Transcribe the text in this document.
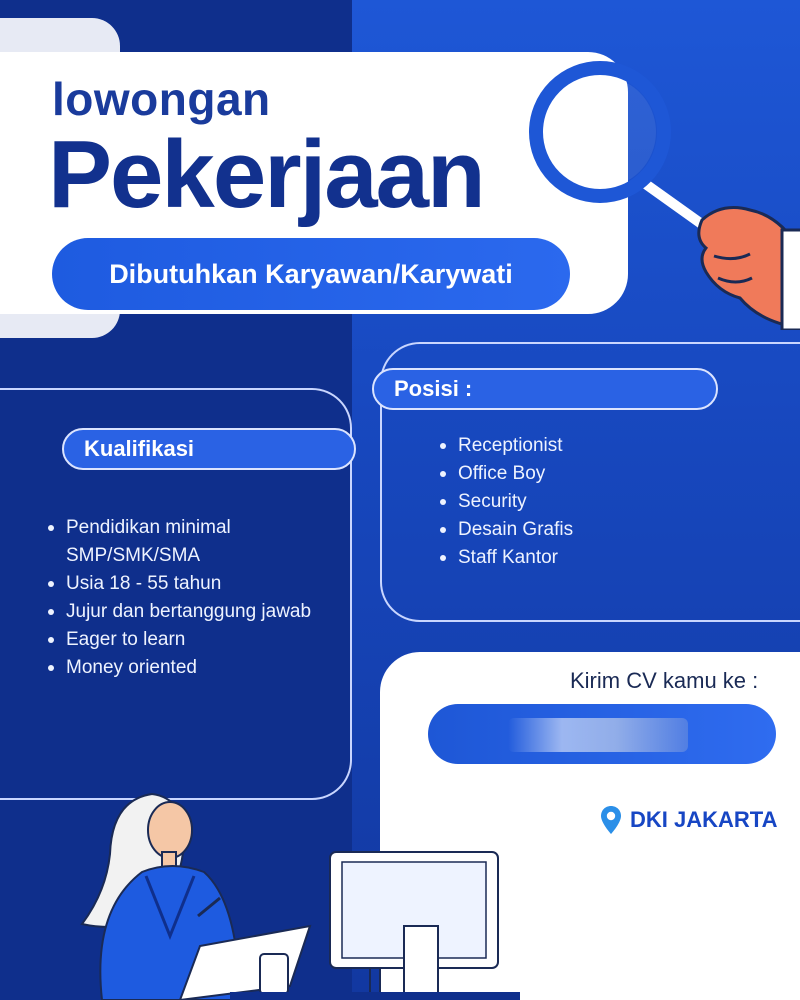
lowongan
Pekerjaan
Dibutuhkan Karyawan/Karywati
Kualifikasi
Pendidikan minimal SMP/SMK/SMA
Usia 18 - 55 tahun
Jujur dan bertanggung jawab
Eager to learn
Money oriented
Posisi :
Receptionist
Office Boy
Security
Desain Grafis
Staff Kantor

Kirim CV kamu ke :

DKI JAKARTA
